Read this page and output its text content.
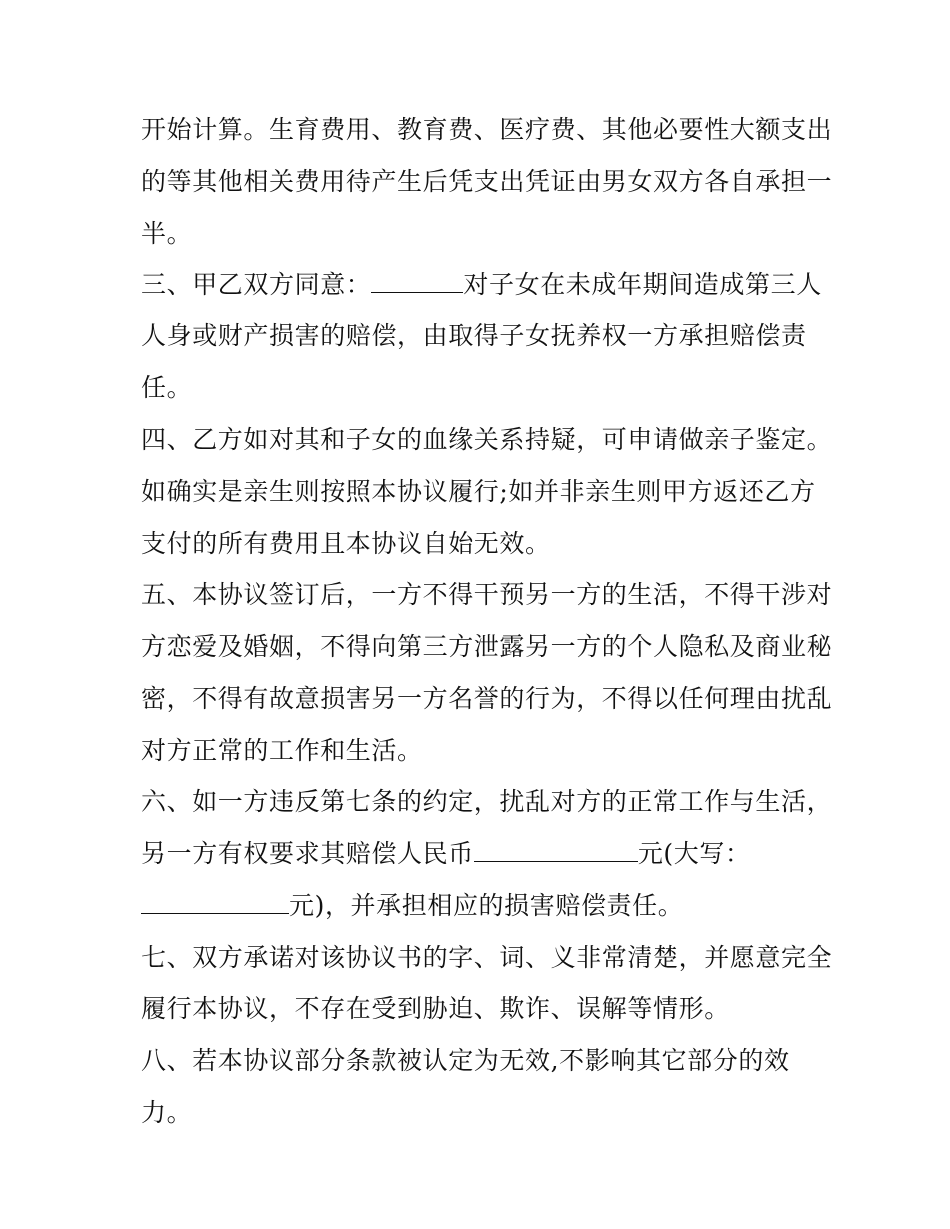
开始计算。生育费用、教育费、医疗费、其他必要性大额支出
的等其他相关费用待产生后凭支出凭证由男女双方各自承担一
半。
三、甲乙双方同意：	对子女在未成年期间造成第三人
人身或财产损害的赔偿，由取得子女抚养权一方承担赔偿责
任。
四、乙方如对其和子女的血缘关系持疑，可申请做亲子鉴定。
如确实是亲生则按照本协议履行;如并非亲生则甲方返还乙方
支付的所有费用且本协议自始无效。
五、本协议签订后，一方不得干预另一方的生活，不得干涉对
方恋爱及婚姻，不得向第三方泄露另一方的个人隐私及商业秘
密，不得有故意损害另一方名誉的行为，不得以任何理由扰乱
对方正常的工作和生活。
六、如一方违反第七条的约定，扰乱对方的正常工作与生活，
另一方有权要求其赔偿人民币	元(大写：
元)，并承担相应的损害赔偿责任。
七、双方承诺对该协议书的字、词、义非常清楚，并愿意完全
履行本协议，不存在受到胁迫、欺诈、误解等情形。
八、若本协议部分条款被认定为无效,不影响其它部分的效
力。
